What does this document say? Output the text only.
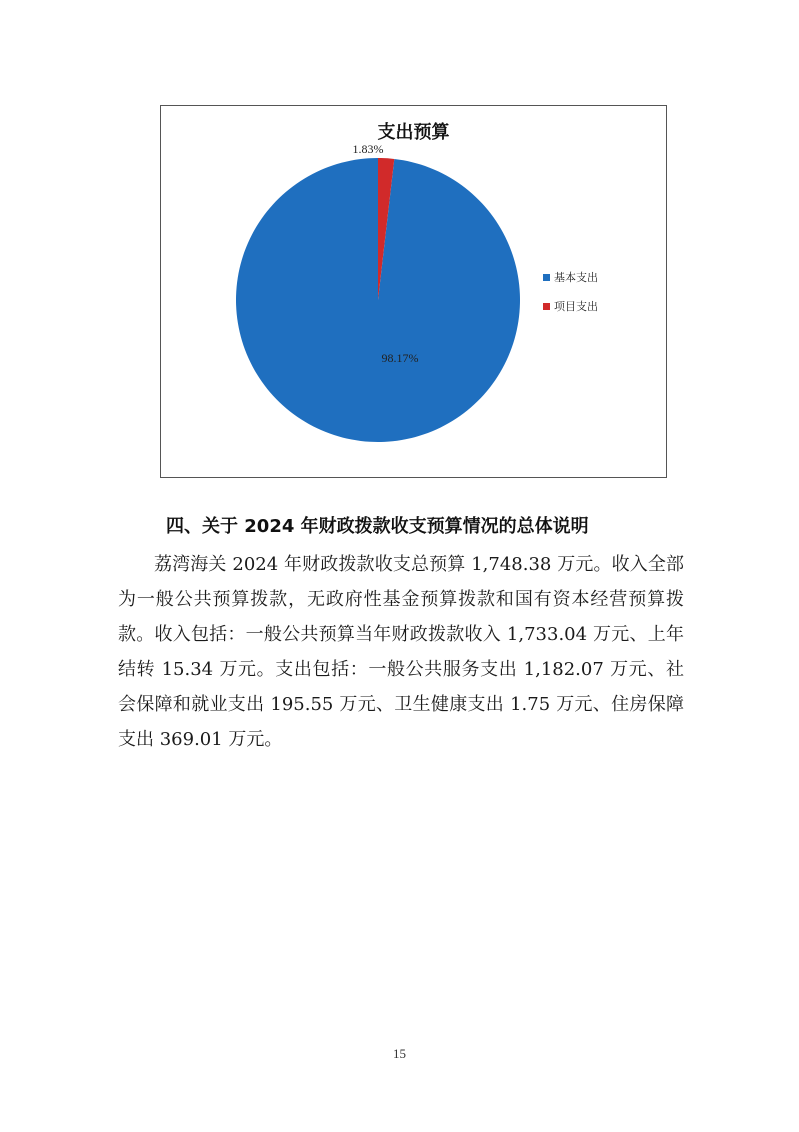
支出预算
98.17%
1.83%
基本支出
项目支出
四、关于 2024 年财政拨款收支预算情况的总体说明
荔湾海关 2024 年财政拨款收支总预算 1,748.38 万元。收入全部为一般公共预算拨款，无政府性基金预算拨款和国有资本经营预算拨款。收入包括：一般公共预算当年财政拨款收入 1,733.04 万元、上年结转 15.34 万元。支出包括：一般公共服务支出 1,182.07 万元、社会保障和就业支出 195.55 万元、卫生健康支出 1.75 万元、住房保障支出 369.01 万元。
15
